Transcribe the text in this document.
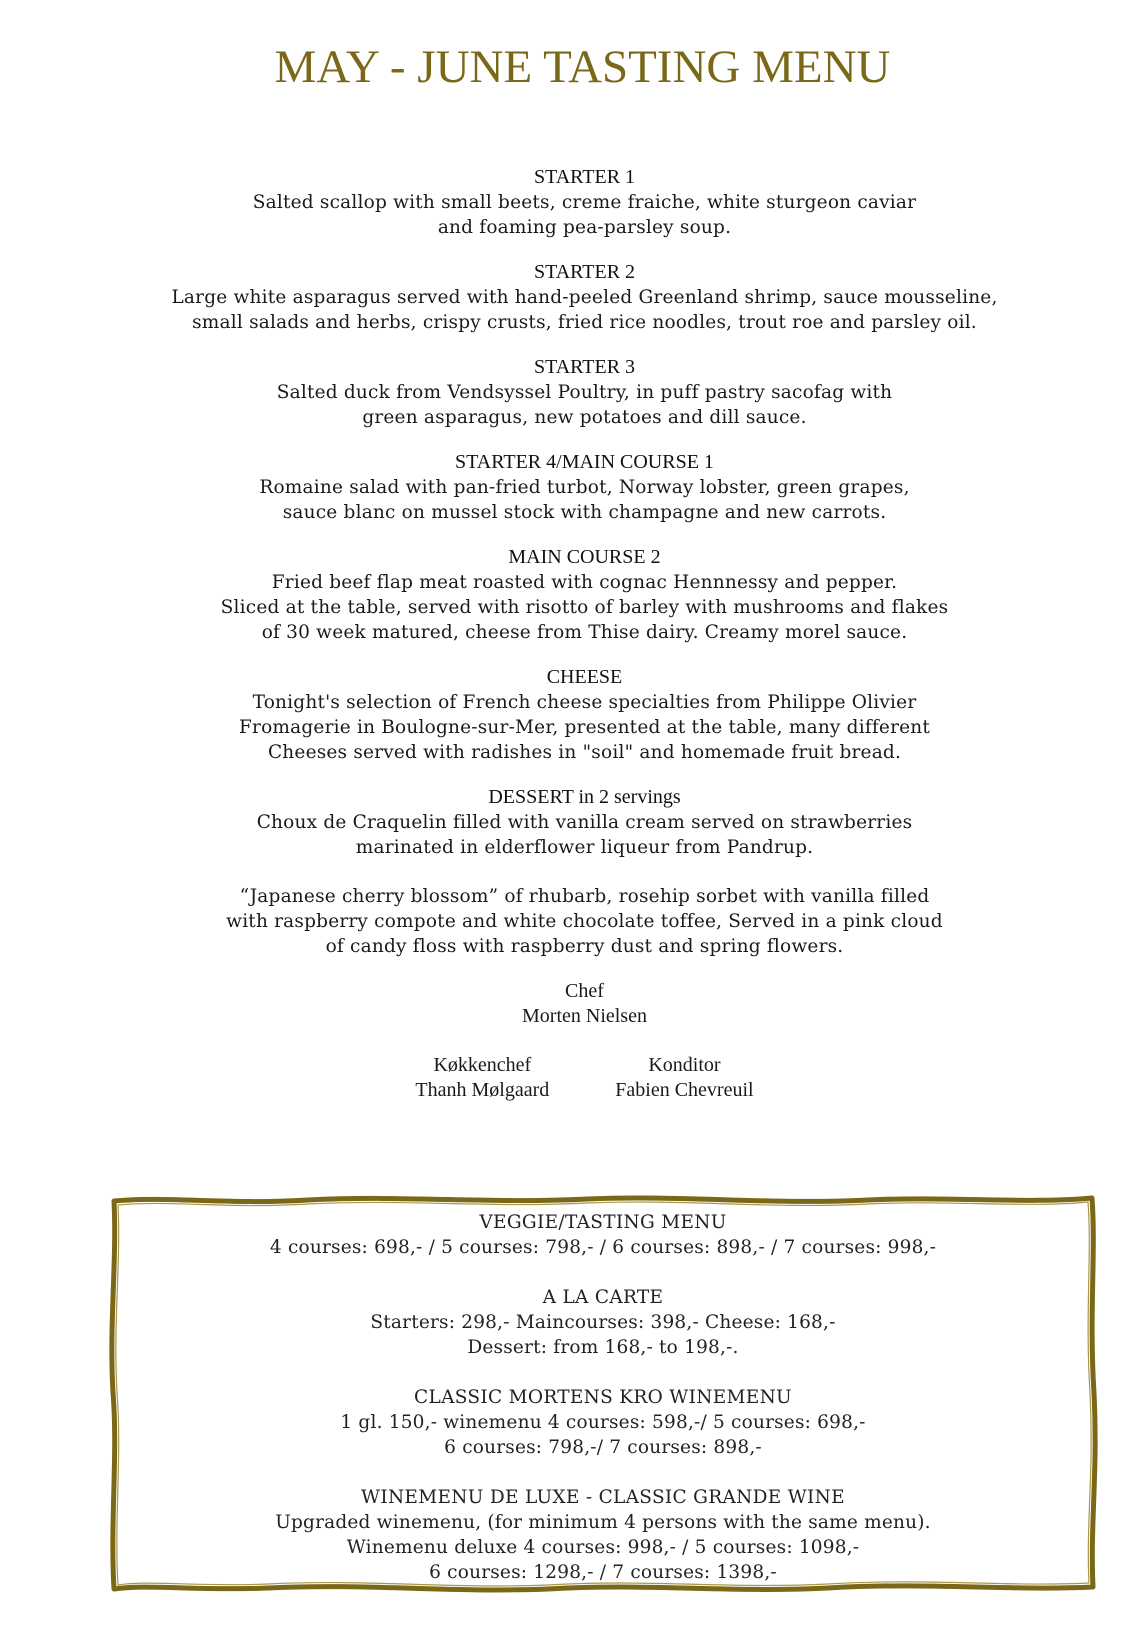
MAY - JUNE TASTING MENU
STARTER 1
Salted scallop with small beets, creme fraiche, white sturgeon caviar
and foaming pea-parsley soup.
STARTER 2
Large white asparagus served with hand-peeled Greenland shrimp, sauce mousseline,
small salads and herbs, crispy crusts, fried rice noodles, trout roe and parsley oil.
STARTER 3
Salted duck from Vendsyssel Poultry, in puff pastry sacofag with
green asparagus, new potatoes and dill sauce.
STARTER 4/MAIN COURSE 1
Romaine salad with pan-fried turbot, Norway lobster, green grapes,
sauce blanc on mussel stock with champagne and new carrots.
MAIN COURSE 2
Fried beef flap meat roasted with cognac Hennnessy and pepper.
Sliced at the table, served with risotto of barley with mushrooms and flakes
of 30 week matured, cheese from Thise dairy. Creamy morel sauce.
CHEESE
Tonight's selection of French cheese specialties from Philippe Olivier
Fromagerie in Boulogne-sur-Mer, presented at the table, many different
Cheeses served with radishes in "soil" and homemade fruit bread.
DESSERT in 2 servings
Choux de Craquelin filled with vanilla cream served on strawberries
marinated in elderflower liqueur from Pandrup.
“Japanese cherry blossom” of rhubarb, rosehip sorbet with vanilla filled
with raspberry compote and white chocolate toffee, Served in a pink cloud
of candy floss with raspberry dust and spring flowers.
Chef
Morten Nielsen
Køkkenchef
Thanh Mølgaard
Konditor
Fabien Chevreuil
VEGGIE/TASTING MENU
4 courses: 698,- / 5 courses: 798,- / 6 courses: 898,- / 7 courses: 998,-
A LA CARTE
Starters: 298,- Maincourses: 398,- Cheese: 168,-
Dessert: from 168,- to 198,-.
CLASSIC MORTENS KRO WINEMENU
1 gl. 150,- winemenu 4 courses: 598,-/ 5 courses: 698,-
6 courses: 798,-/ 7 courses: 898,-
WINEMENU DE LUXE - CLASSIC GRANDE WINE
Upgraded winemenu, (for minimum 4 persons with the same menu).
Winemenu deluxe 4 courses: 998,- / 5 courses: 1098,-
6 courses: 1298,- / 7 courses: 1398,-
